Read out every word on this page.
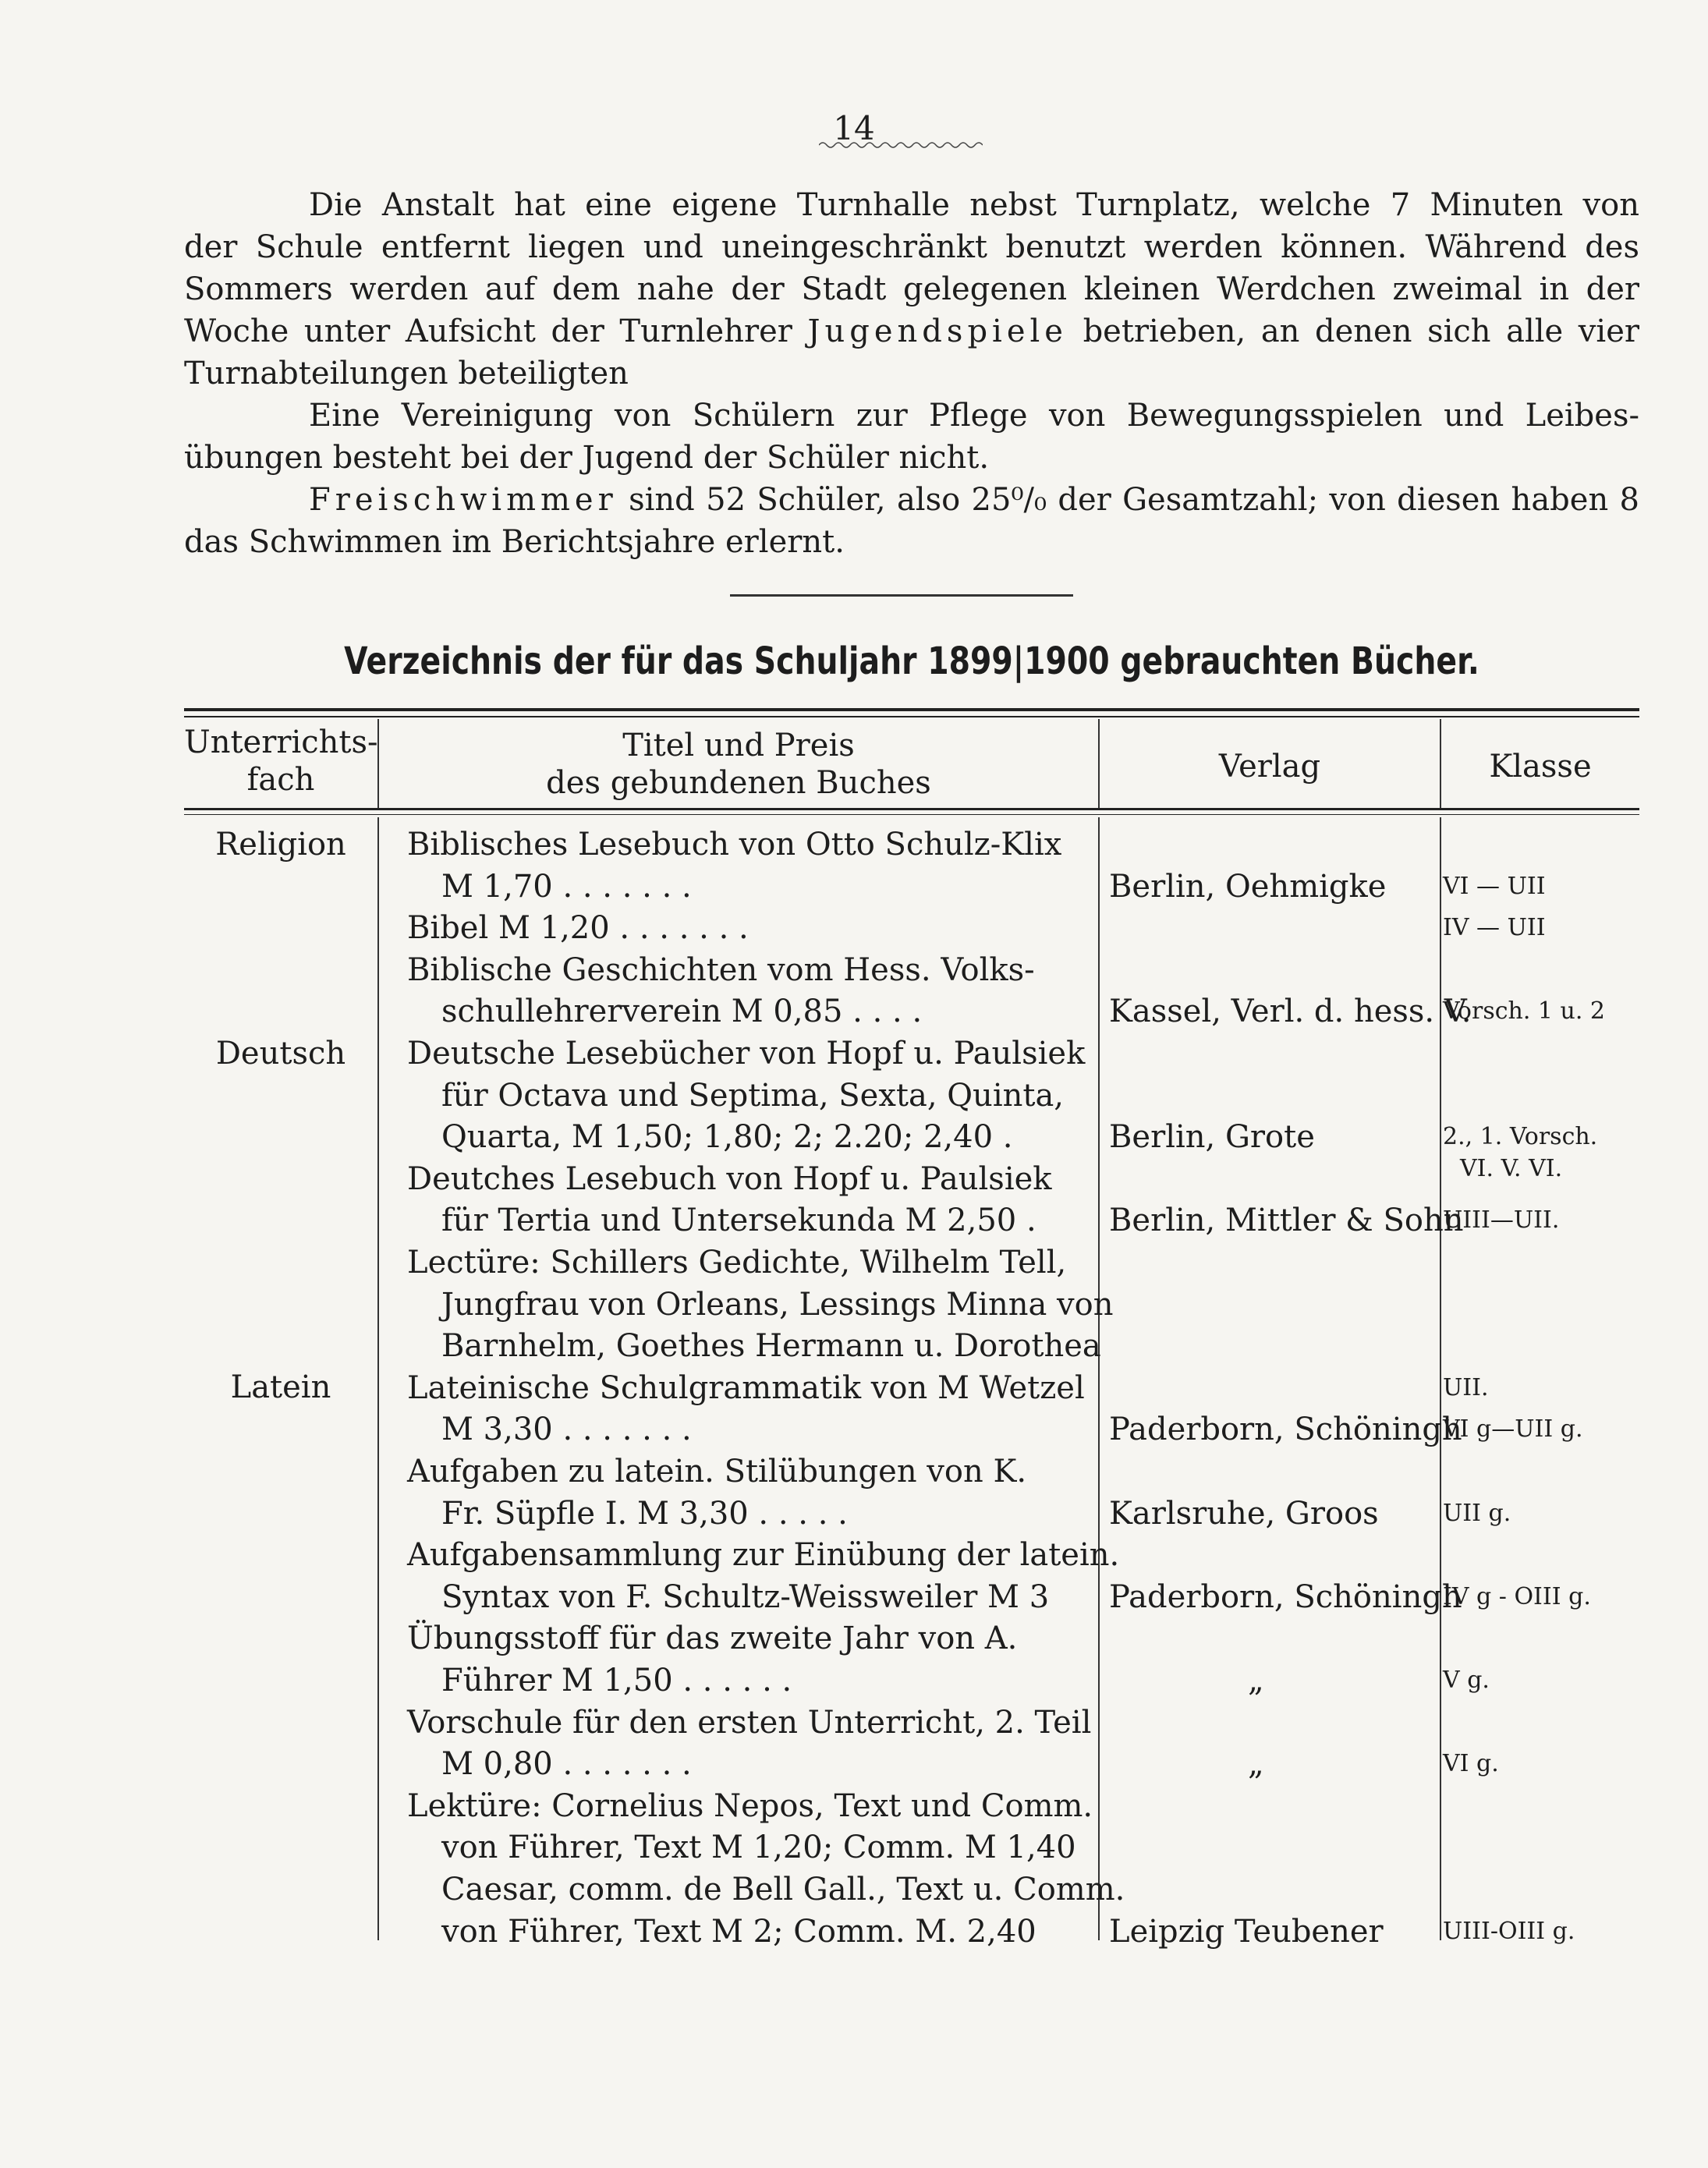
14

Die Anstalt hat eine eigene Turnhalle nebst Turnplatz, welche 7 Minuten von

der Schule entfernt liegen und uneingeschränkt benutzt werden können. Während des

Sommers werden auf dem nahe der Stadt gelegenen kleinen Werdchen zweimal in der

Woche unter Aufsicht der Turnlehrer Jugendspiele betrieben, an denen sich alle vier

Turnabteilungen beteiligten

Eine Vereinigung von Schülern zur Pflege von Bewegungsspielen und Leibes-

übungen besteht bei der Jugend der Schüler nicht.

Freischwimmer sind 52 Schüler, also 25⁰/₀ der Gesamtzahl; von diesen haben 8

das Schwimmen im Berichtsjahre erlernt.

Verzeichnis der für das Schuljahr 1899|1900 gebrauchten Bücher.
Unterrichts-
fach
Titel und Preis
des gebundenen Buches	Verlag	Klasse
Religion
Deutsch
Latein
Biblisches Lesebuch von Otto Schulz-Klix
M 1,70 . . . . . . .
Bibel M 1,20 . . . . . . .
Biblische Geschichten vom Hess. Volks-
schullehrerverein M 0,85 . . . .
Deutsche Lesebücher von Hopf u. Paulsiek
für Octava und Septima, Sexta, Quinta,
Quarta, M 1,50; 1,80; 2; 2.20; 2,40 .
Deutches Lesebuch von Hopf u. Paulsiek
für Tertia und Untersekunda M 2,50 .
Lectüre: Schillers Gedichte, Wilhelm Tell,
Jungfrau von Orleans, Lessings Minna von
Barnhelm, Goethes Hermann u. Dorothea
Lateinische Schulgrammatik von M Wetzel
M 3,30 . . . . . . .
Aufgaben zu latein. Stilübungen von K.
Fr. Süpfle I. M 3,30 . . . . .
Aufgabensammlung zur Einübung der latein.
Syntax von F. Schultz-Weissweiler M 3
Übungsstoff für das zweite Jahr von A.
Führer M 1,50 . . . . . .
Vorschule für den ersten Unterricht, 2. Teil
M 0,80 . . . . . . .
Lektüre: Cornelius Nepos, Text und Comm.
von Führer, Text M 1,20; Comm. M 1,40
Caesar, comm. de Bell Gall., Text u. Comm.
von Führer, Text M 2; Comm. M. 2,40
Berlin, Oehmigke
Kassel, Verl. d. hess. V.
Berlin, Grote
Berlin, Mittler & Sohn
Paderborn, Schöningh
Karlsruhe, Groos
Paderborn, Schöningh
„
„
Leipzig Teubener
VI — UII
IV — UII
Vorsch. 1 u. 2
2., 1. Vorsch.
VI. V. VI.
UIII—UII.
UII.
VI g—UII g.
UII g.
IV g - OIII g.
V g.
VI g.
UIII-OIII g.
